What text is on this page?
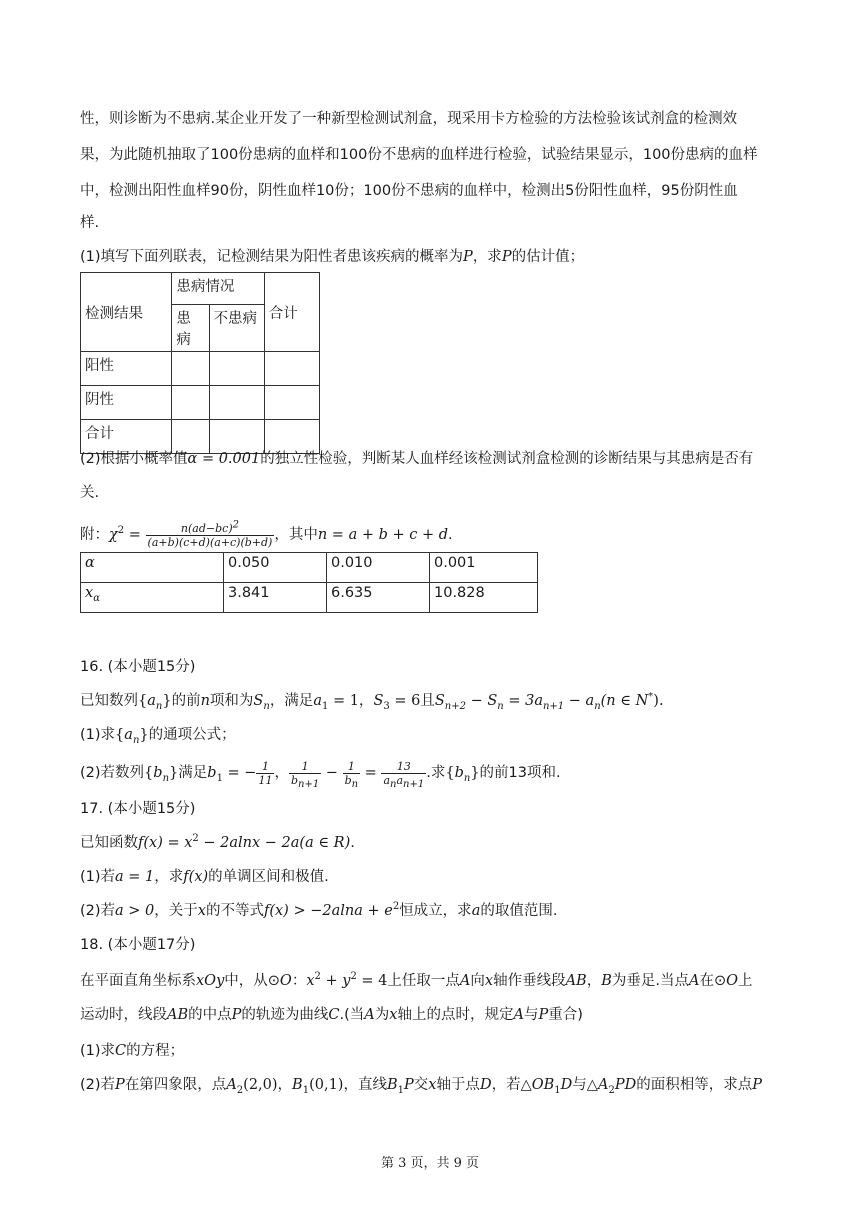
性，则诊断为不患病.某企业开发了一种新型检测试剂盒，现采用卡方检验的方法检验该试剂盒的检测效

果，为此随机抽取了100份患病的血样和100份不患病的血样进行检验，试验结果显示，100份患病的血样

中，检测出阳性血样90份，阴性血样10份；100份不患病的血样中，检测出5份阳性血样，95份阴性血

样.

(1)填写下面列联表，记检测结果为阳性者患该疾病的概率为P，求P的估计值；

检测结果	患病情况		合计
	患病	不患病	
阳性			
阴性			
合计			

(2)根据小概率值α = 0.001的独立性检验，判断某人血样经该检测试剂盒检测的诊断结果与其患病是否有

关.

附：$\chi^2 = \frac{n(ad-bc)^2}{(a+b)(c+d)(a+c)(b+d)}$ ，其中n = a + b + c + d.

α	0.050	0.010	0.001
$x_\alpha$	3.841	6.635	10.828

16. (本小题15分)

已知数列$\{a_n\}$的前n项和为$S_n$，满足$a_1 = 1$，$S_3 = 6$且$S_{n+2} - S_n = 3a_{n+1} - a_n(n$ ∈ N*).

(1)求$\{a_n\}$的通项公式；

(2)若数列$\{b_n\}$满足$b_1$ = − $\frac{1}{11}$ ， $\frac{1}{b_{n+1}} - \frac{1}{b_n} = \frac{13}{a_na_{n+1}}$ .求$\{b_n\}$的前13项和.

17. (本小题15分)

已知函数$f(x) = x^2 - 2alnx - 2a(a$ ∈ R).

(1)若a = 1，求f(x)的单调区间和极值.

(2)若a > 0，关于x的不等式$f(x) > -2alna + e^2$恒成立，求a的取值范围.

18. (本小题17分)

在平面直角坐标系xOy中，从⊙O：$x^2 + y^2 = 4$上任取一点A向x轴作垂线段AB，B为垂足.当点A在⊙O上

运动时，线段AB的中点P的轨迹为曲线C.(当A为x轴上的点时，规定A与P重合)

(1)求C的方程；

(2)若P在第四象限，点$A_2(2,0)$，$B_1(0,1)$，直线$B_1P$交x轴于点D，若$\triangle OB_1D$与$\triangle A_2PD$的面积相等，求点P

第 3 页，共 9 页
